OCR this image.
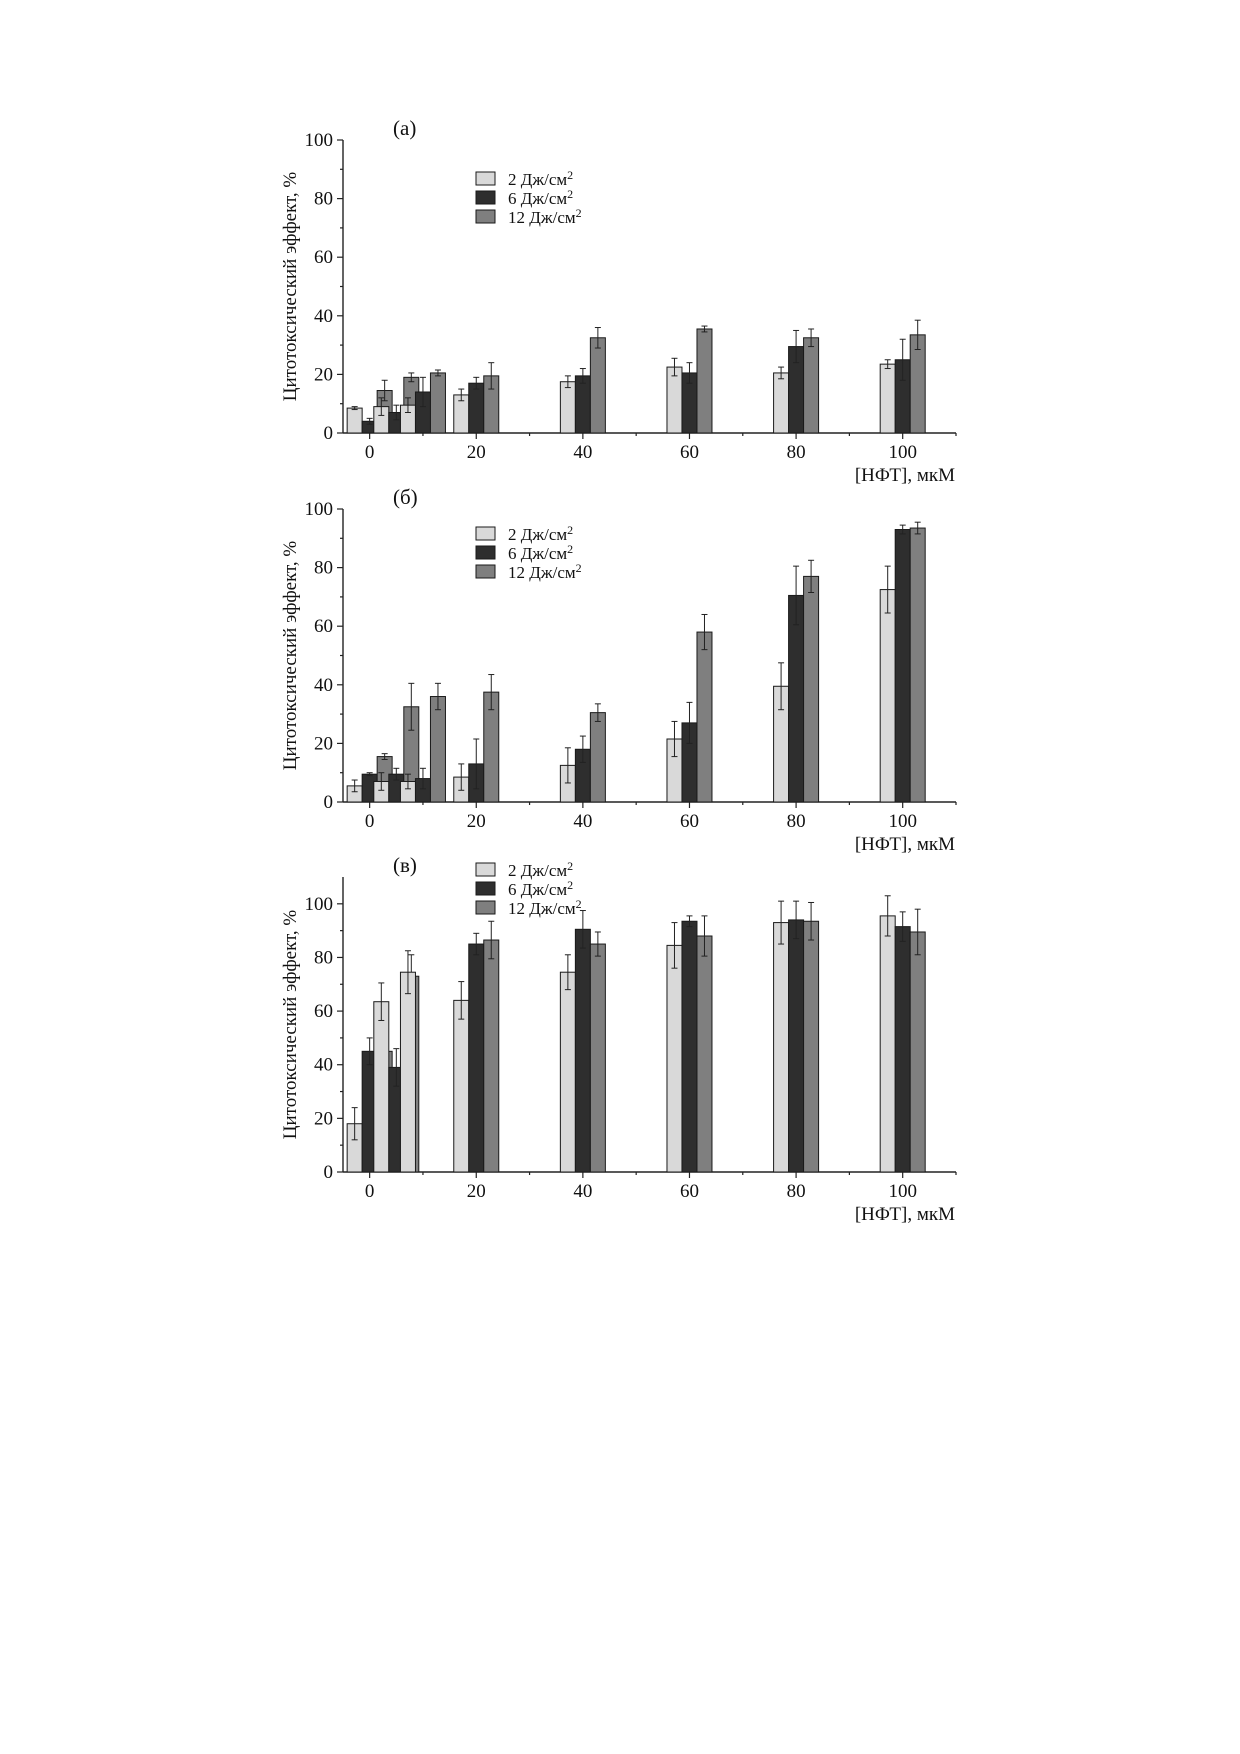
0
20
40
60
80
100
0	20	40	60	80	100
[НФТ], мкМ
Цитотоксический эффект, %
(а)
2 $Дж/см^2$
6 $Дж/см^2$
12 $Дж/см^2$
0
20
40
60
80
100
0	20	40	60	80	100
[НФТ], мкМ
Цитотоксический эффект, %
(б)
2 $Дж/см^2$
6 $Дж/см^2$
12 $Дж/см^2$
0
20
40
60
80
100
0	20	40	60	80	100
[НФТ], мкМ
Цитотоксический эффект, %
(в)	2 $Дж/см^2$
6 $Дж/см^2$
12 $Дж/см^2$
